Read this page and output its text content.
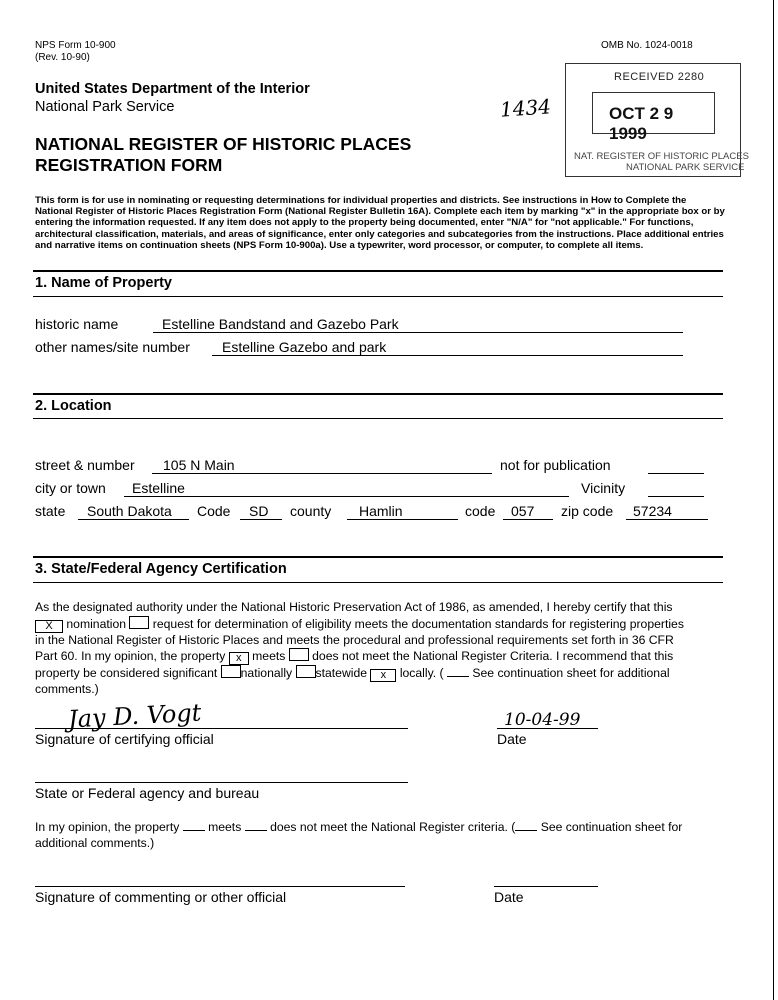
NPS Form 10-900
(Rev. 10-90)
OMB No. 1024-0018
United States Department of the Interior
National Park Service
NATIONAL REGISTER OF HISTORIC PLACES
REGISTRATION FORM
1434
RECEIVED 2280
OCT 2 9 1999
NAT. REGISTER OF HISTORIC PLACES
NATIONAL PARK SERVICE
This form is for use in nominating or requesting determinations for individual properties and districts. See instructions in How to Complete the National Register of Historic Places Registration Form (National Register Bulletin 16A). Complete each item by marking "x" in the appropriate box or by entering the information requested. If any item does not apply to the property being documented, enter "N/A" for "not applicable." For functions, architectural classification, materials, and areas of significance, enter only categories and subcategories from the instructions. Place additional entries and narrative items on continuation sheets (NPS Form 10-900a). Use a typewriter, word processor, or computer, to complete all items.
1. Name of Property
historic name	Estelline Bandstand and Gazebo Park
other names/site number Estelline Gazebo and park
2. Location
street & number 105 N Main	not for publication
city or town Estelline	Vicinity
state South Dakota Code SD county Hamlin	code 057 zip code 57234
3. State/Federal Agency Certification
As the designated authority under the National Historic Preservation Act of 1986, as amended, I hereby certify that this
X nomination request for determination of eligibility meets the documentation standards for registering properties
in the National Register of Historic Places and meets the procedural and professional requirements set forth in 36 CFR
Part 60. In my opinion, the property x meets does not meet the National Register Criteria. I recommend that this
property be considered significant nationally statewide x locally. ( See continuation sheet for additional
comments.)
Jay D. Vogt
Signature of certifying official
10-04-99
Date
State or Federal agency and bureau
In my opinion, the property meets does not meet the National Register criteria. ( See continuation sheet for
additional comments.)
Signature of commenting or other official	Date
